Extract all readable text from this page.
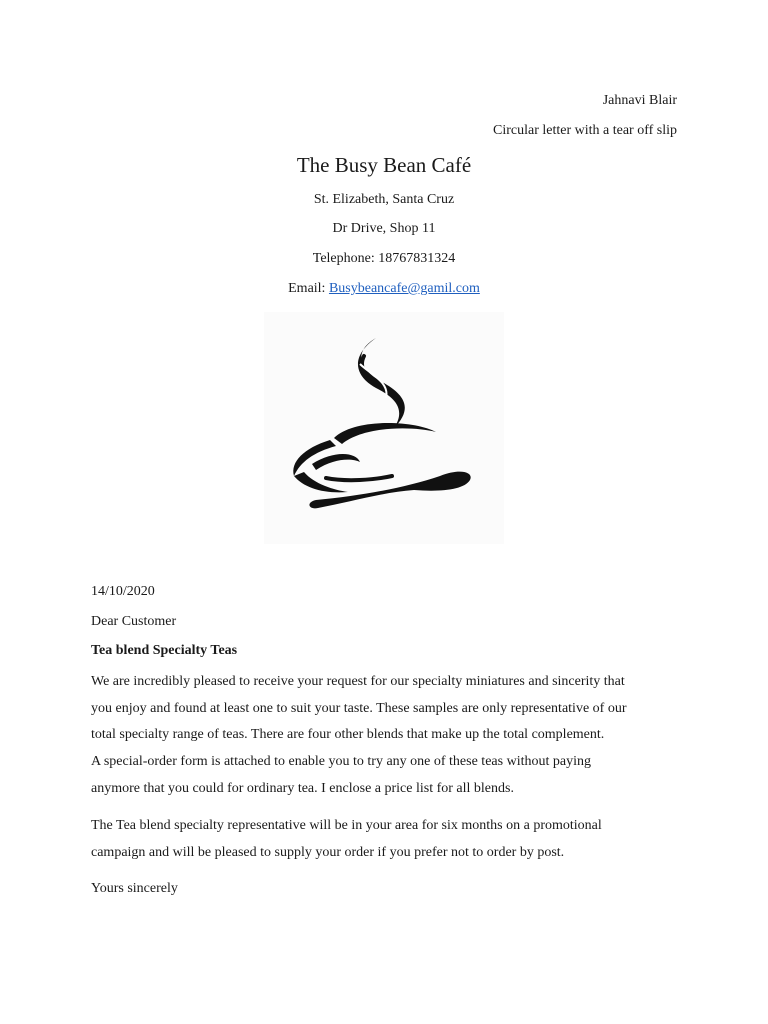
Jahnavi Blair
Circular letter with a tear off slip
The Busy Bean Café
St. Elizabeth, Santa Cruz
Dr Drive, Shop 11
Telephone: 18767831324
Email: Busybeancafe@gamil.com
14/10/2020
Dear Customer
Tea blend Specialty Teas

We are incredibly pleased to receive your request for our specialty miniatures and sincerity that

you enjoy and found at least one to suit your taste. These samples are only representative of our

total specialty range of teas. There are four other blends that make up the total complement.

A special-order form is attached to enable you to try any one of these teas without paying

anymore that you could for ordinary tea. I enclose a price list for all blends.

The Tea blend specialty representative will be in your area for six months on a promotional

campaign and will be pleased to supply your order if you prefer not to order by post.

Yours sincerely
